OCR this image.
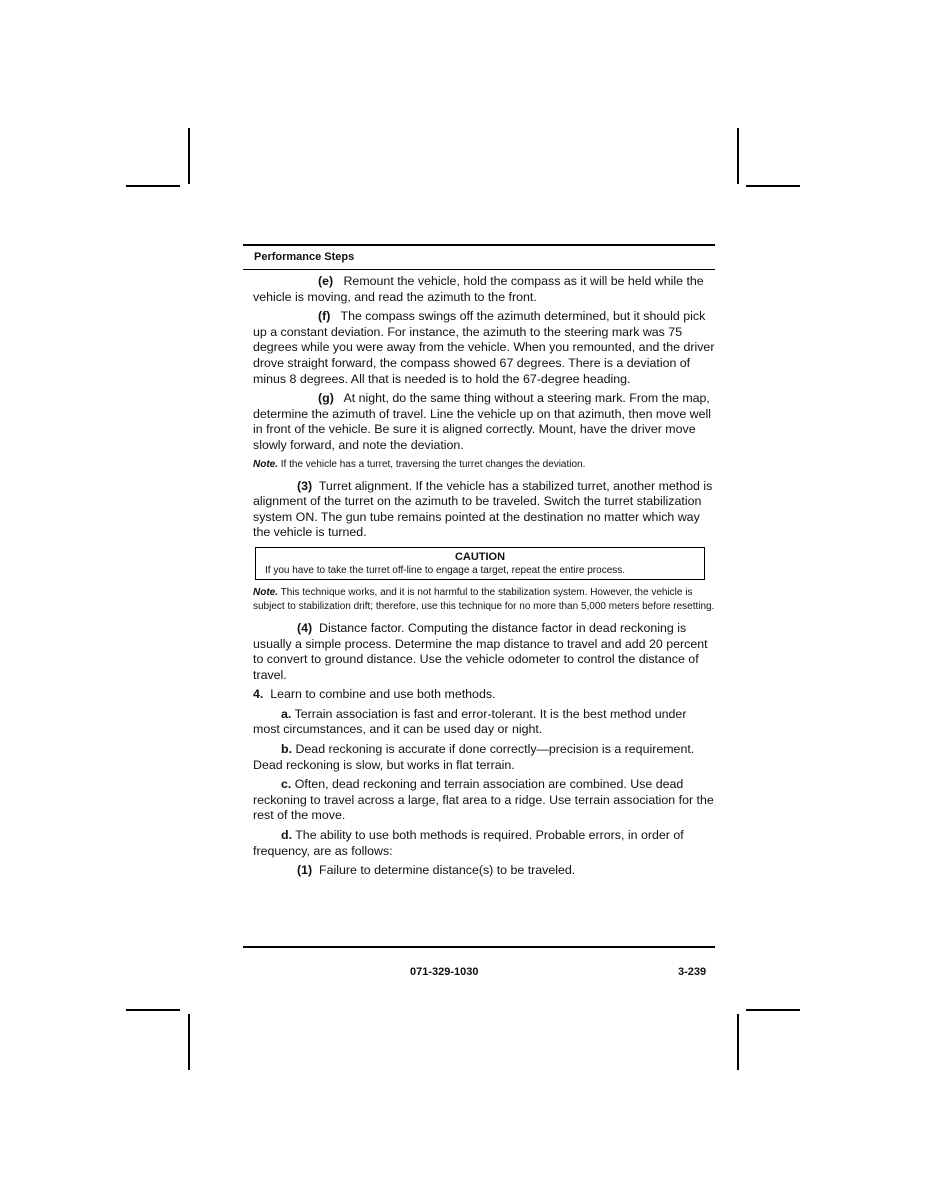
Performance Steps

(e) Remount the vehicle, hold the compass as it will be held while the vehicle is moving, and read the azimuth to the front.

(f) The compass swings off the azimuth determined, but it should pick up a constant deviation. For instance, the azimuth to the steering mark was 75 degrees while you were away from the vehicle. When you remounted, and the driver drove straight forward, the compass showed 67 degrees. There is a deviation of minus 8 degrees. All that is needed is to hold the 67-degree heading.

(g) At night, do the same thing without a steering mark. From the map, determine the azimuth of travel. Line the vehicle up on that azimuth, then move well in front of the vehicle. Be sure it is aligned correctly. Mount, have the driver move slowly forward, and note the deviation.

Note. If the vehicle has a turret, traversing the turret changes the deviation.

(3) Turret alignment. If the vehicle has a stabilized turret, another method is alignment of the turret on the azimuth to be traveled. Switch the turret stabilization system ON. The gun tube remains pointed at the destination no matter which way the vehicle is turned.

CAUTION
If you have to take the turret off-line to engage a target, repeat the entire process.

Note. This technique works, and it is not harmful to the stabilization system. However, the vehicle is subject to stabilization drift; therefore, use this technique for no more than 5,000 meters before resetting.

(4) Distance factor. Computing the distance factor in dead reckoning is usually a simple process. Determine the map distance to travel and add 20 percent to convert to ground distance. Use the vehicle odometer to control the distance of travel.

4. Learn to combine and use both methods.

a. Terrain association is fast and error-tolerant. It is the best method under most circumstances, and it can be used day or night.

b. Dead reckoning is accurate if done correctly—precision is a requirement. Dead reckoning is slow, but works in flat terrain.

c. Often, dead reckoning and terrain association are combined. Use dead reckoning to travel across a large, flat area to a ridge. Use terrain association for the rest of the move.

d. The ability to use both methods is required. Probable errors, in order of frequency, are as follows:

(1) Failure to determine distance(s) to be traveled.

071-329-1030	3-239
